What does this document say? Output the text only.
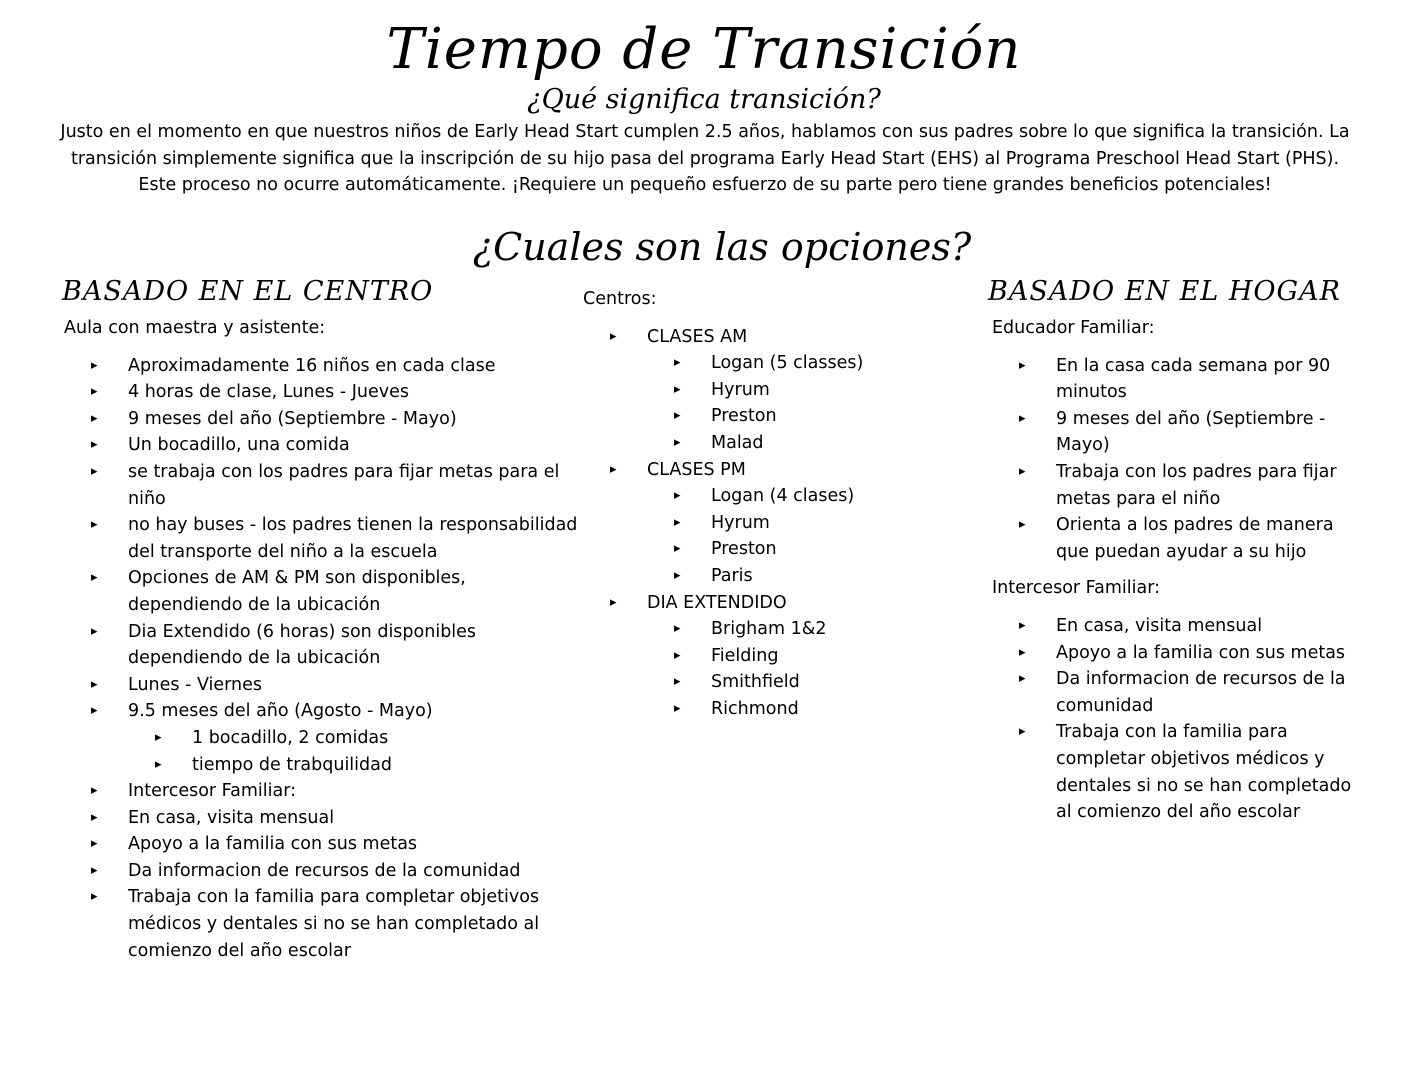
Tiempo de Transición
¿Qué significa transición?
Justo en el momento en que nuestros niños de Early Head Start cumplen 2.5 años, hablamos con sus padres sobre lo que significa la transición. La transición simplemente significa que la inscripción de su hijo pasa del programa Early Head Start (EHS) al Programa Preschool Head Start (PHS). Este proceso no ocurre automáticamente. ¡Requiere un pequeño esfuerzo de su parte pero tiene grandes beneficios potenciales!
¿Cuales son las opciones?
BASADO EN EL CENTRO	BASADO EN EL HOGAR

Aula con maestra y asistente:

▸ Aproximadamente 16 niños en cada clase
▸ 4 horas de clase, Lunes - Jueves
▸ 9 meses del año (Septiembre - Mayo)
▸ Un bocadillo, una comida
▸ se trabaja con los padres para fijar metas para el niño
▸ no hay buses - los padres tienen la responsabilidad del transporte del niño a la escuela
▸ Opciones de AM & PM son disponibles, dependiendo de la ubicación
▸ Dia Extendido (6 horas) son disponibles dependiendo de la ubicación
▸ Lunes - Viernes
▸ 9.5 meses del año (Agosto - Mayo)
▸ 1 bocadillo, 2 comidas
▸ tiempo de trabquilidad
▸ Intercesor Familiar:
▸ En casa, visita mensual
▸ Apoyo a la familia con sus metas
▸ Da informacion de recursos de la comunidad
▸ Trabaja con la familia para completar objetivos médicos y dentales si no se han completado al comienzo del año escolar

Centros:

▸ CLASES AM
▸ Logan (5 classes)
▸ Hyrum
▸ Preston
▸ Malad
▸ CLASES PM
▸ Logan (4 clases)
▸ Hyrum
▸ Preston
▸ Paris
▸ DIA EXTENDIDO
▸ Brigham 1&2
▸ Fielding
▸ Smithfield
▸ Richmond

Educador Familiar:

▸ En la casa cada semana por 90 minutos
▸ 9 meses del año (Septiembre - Mayo)
▸ Trabaja con los padres para fijar metas para el niño
▸ Orienta a los padres de manera que puedan ayudar a su hijo

Intercesor Familiar:

▸ En casa, visita mensual
▸ Apoyo a la familia con sus metas
▸ Da informacion de recursos de la comunidad
▸ Trabaja con la familia para completar objetivos médicos y dentales si no se han completado al comienzo del año escolar
